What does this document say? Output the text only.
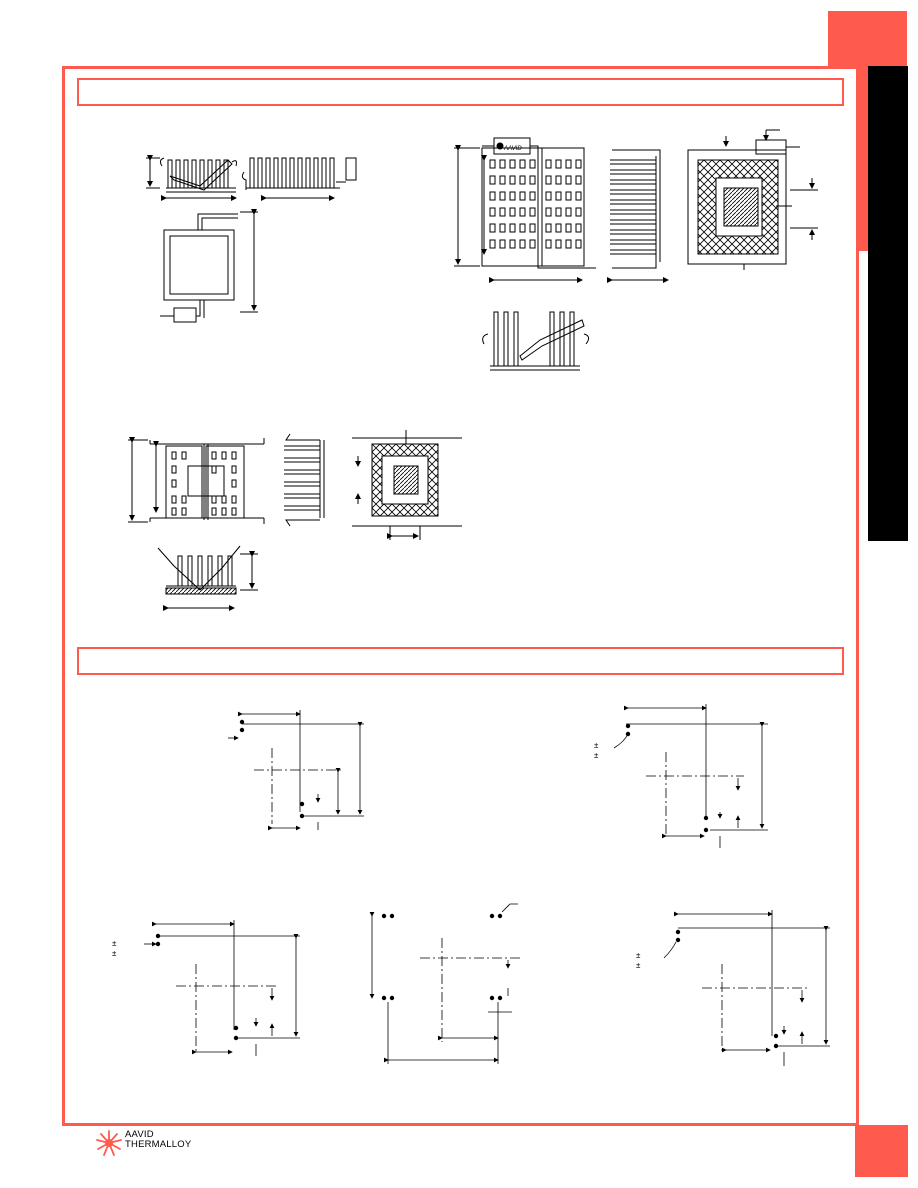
AAVID
±
±
±
±	±
±
AAVID
THERMALLOY
